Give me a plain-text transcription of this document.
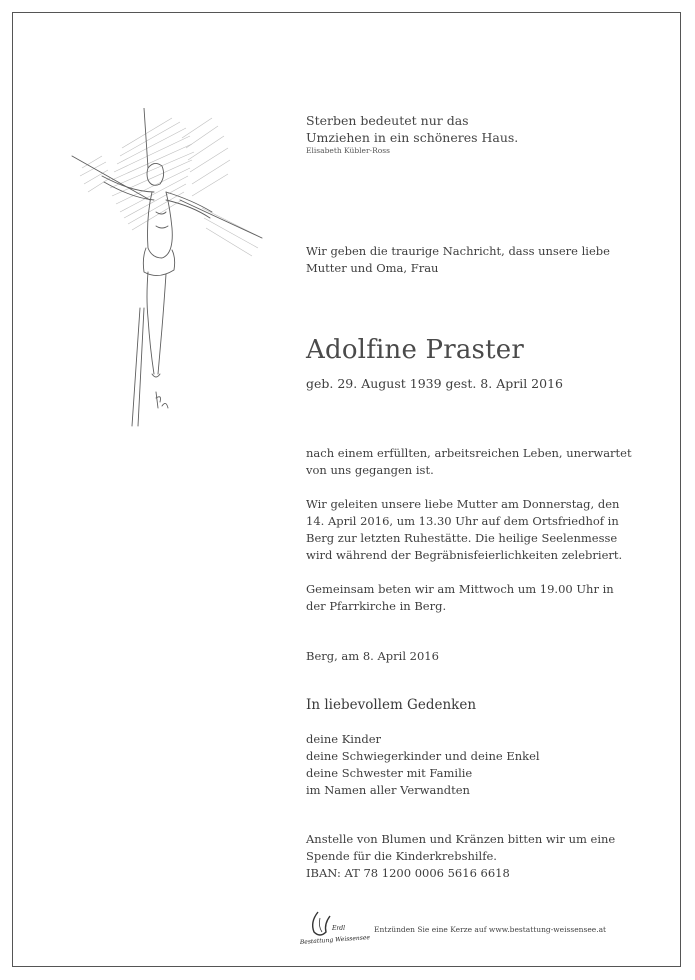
Sterben bedeutet nur das
Umziehen in ein schöneres Haus.
Elisabeth Kübler-Ross
Wir geben die traurige Nachricht, dass unsere liebe
Mutter und Oma, Frau
Adolfine Praster
geb. 29. August 1939 gest. 8. April 2016
nach einem erfüllten, arbeitsreichen Leben, unerwartet
von uns gegangen ist.
Wir geleiten unsere liebe Mutter am Donnerstag, den
14. April 2016, um 13.30 Uhr auf dem Ortsfriedhof in
Berg zur letzten Ruhestätte. Die heilige Seelenmesse
wird während der Begräbnisfeierlichkeiten zelebriert.
Gemeinsam beten wir am Mittwoch um 19.00 Uhr in
der Pfarrkirche in Berg.
Berg, am 8. April 2016
In liebevollem Gedenken
deine Kinder
deine Schwiegerkinder und deine Enkel
deine Schwester mit Familie
im Namen aller Verwandten
Anstelle von Blumen und Kränzen bitten wir um eine
Spende für die Kinderkrebshilfe.
IBAN: AT 78 1200 0006 5616 6618
Erdl
Bestattung Weissensee
Entzünden Sie eine Kerze auf www.bestattung-weissensee.at
